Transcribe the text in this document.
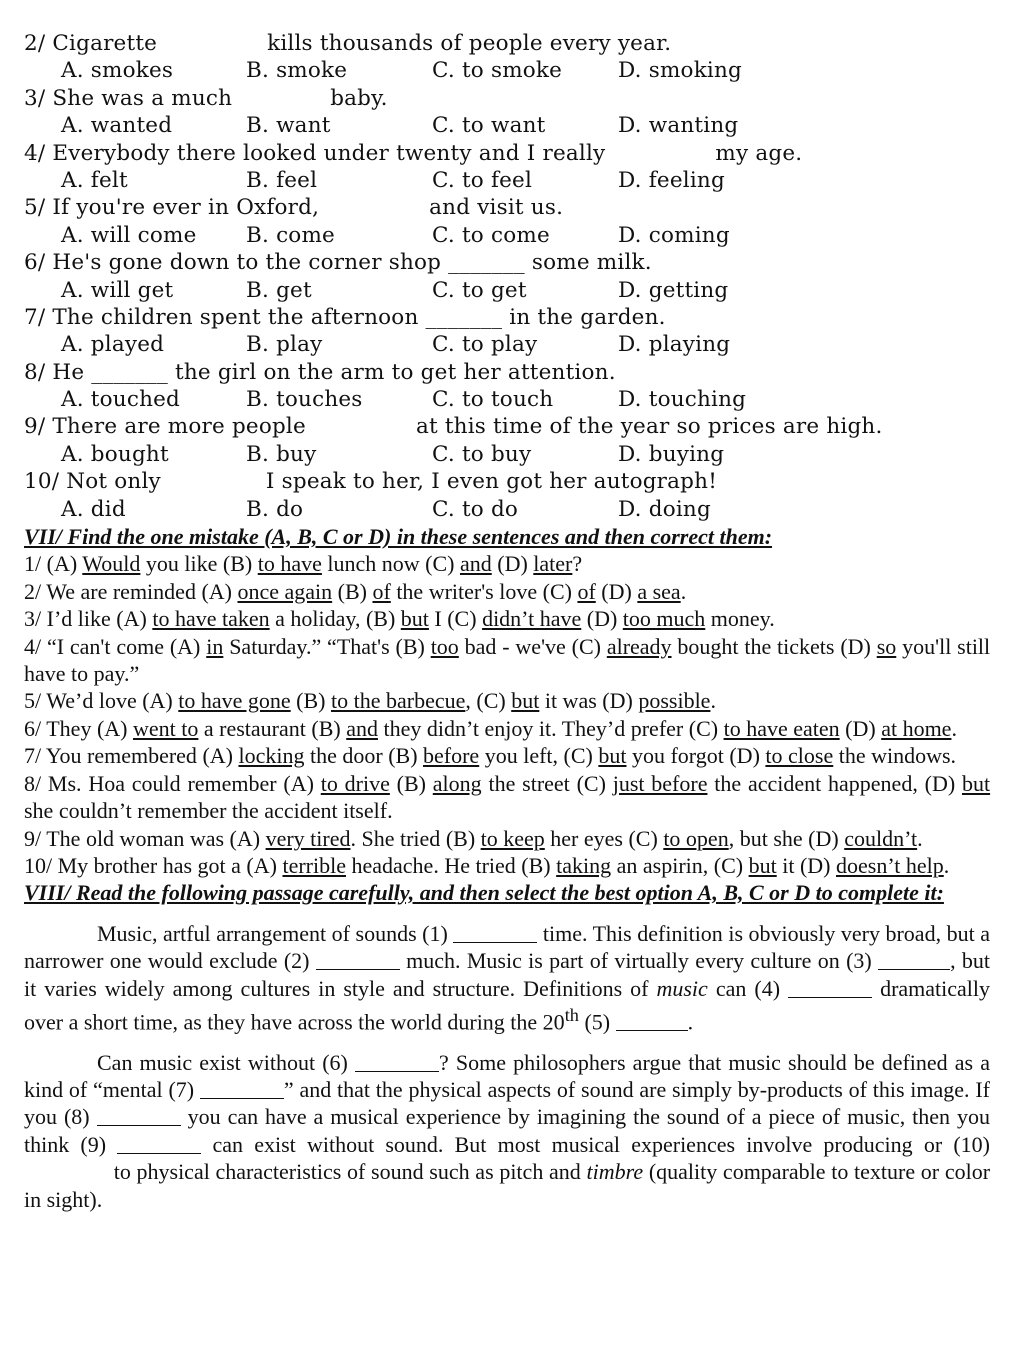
2/ Cigarette	kills thousands of people every year.
A. smokes	B. smoke	C. to smoke	D. smoking
3/ She was a much	baby.
A. wanted	B. want	C. to want	D. wanting
4/ Everybody there looked under twenty and I really	my age.
A. felt	B. feel	C. to feel	D. feeling
5/ If you're ever in Oxford,	and visit us.
A. will come B. come	C. to come	D. coming
6/ He's gone down to the corner shop _______ some milk.
A. will get	B. get	C. to get	D. getting
7/ The children spent the afternoon _______ in the garden.
A. played	B. play	C. to play	D. playing
8/ He _______ the girl on the arm to get her attention.
A. touched	B. touches	C. to touch	D. touching
9/ There are more people	at this time of the year so prices are high.
A. bought	B. buy	C. to buy	D. buying
10/ Not only	I speak to her, I even got her autograph!
A. did	B. do	C. to do	D. doing
VII/ Find the one mistake (A, B, C or D) in these sentences and then correct them:
1/ (A) Would you like (B) to have lunch now (C) and (D) later?
2/ We are reminded (A) once again (B) of the writer's love (C) of (D) a sea.
3/ I’d like (A) to have taken a holiday, (B) but I (C) didn’t have (D) too much money.
4/ “I can't come (A) in Saturday.” “That's (B) too bad - we've (C) already bought the tickets (D) so you'll still have to pay.”
5/ We’d love (A) to have gone (B) to the barbecue, (C) but it was (D) possible.
6/ They (A) went to a restaurant (B) and they didn’t enjoy it. They’d prefer (C) to have eaten (D) at home.
7/ You remembered (A) locking the door (B) before you left, (C) but you forgot (D) to close the windows.
8/ Ms. Hoa could remember (A) to drive (B) along the street (C) just before the accident happened, (D) but she couldn’t remember the accident itself.
9/ The old woman was (A) very tired. She tried (B) to keep her eyes (C) to open, but she (D) couldn’t.
10/ My brother has got a (A) terrible headache. He tried (B) taking an aspirin, (C) but it (D) doesn’t help.
VIII/ Read the following passage carefully, and then select the best option A, B, C or D to complete it:
Music, artful arrangement of sounds (1)	time. This definition is obviously very broad, but a narrower one would exclude (2)	much. Music is part of virtually every culture on (3)	, but it varies widely among cultures in style and structure. Definitions of music can (4)	dramatically over a short time, as they have across the world during the 20th (5)	.
Can music exist without (6)	? Some philosophers argue that music should be defined as a kind of “mental (7)	” and that the physical aspects of sound are simply by-products of this image. If you (8)	you can have a musical experience by imagining the sound of a piece of music, then you think (9)	can exist without sound. But most musical experiences involve producing or (10)  to physical characteristics of sound such as pitch and timbre (quality comparable to texture or color in sight).
